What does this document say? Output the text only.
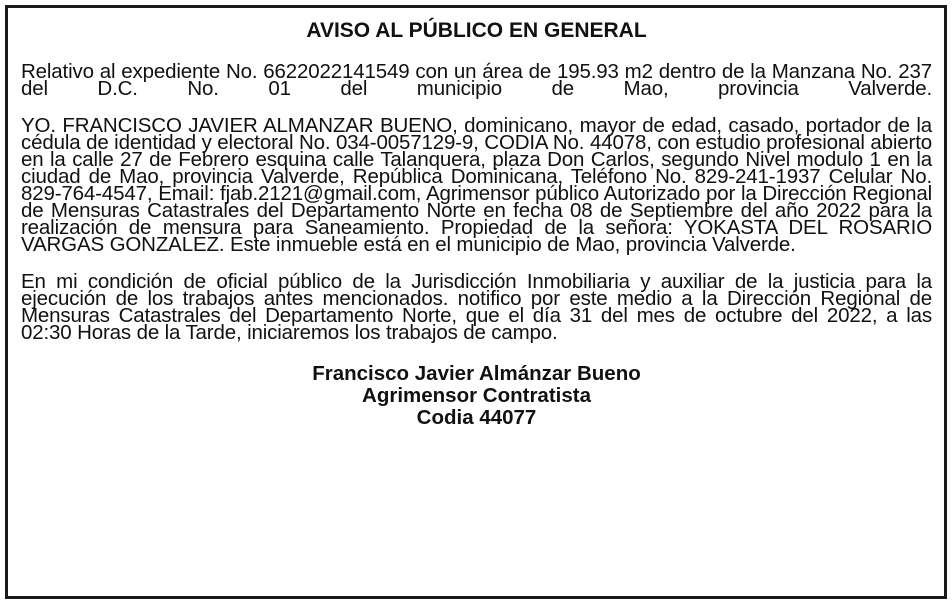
AVISO AL PÚBLICO EN GENERAL

Relativo al expediente No. 6622022141549 con un área de 195.93 m2 dentro de la Manzana No. 237 del D.C. No. 01 del municipio de Mao, provincia Valverde.

YO. FRANCISCO JAVIER ALMANZAR BUENO, dominicano, mayor de edad, casado, portador de la cédula de identidad y electoral No. 034-0057129-9, CODIA No. 44078, con estudio profesional abierto en la calle 27 de Febrero esquina calle Talanquera, plaza Don Carlos, segundo Nivel modulo 1 en la ciudad de Mao, provincia Valverde, República Dominicana, Teléfono No. 829-241-1937 Celular No. 829-764-4547, Email: fjab.2121@gmail.com, Agrimensor público Autorizado por la Dirección Regional de Mensuras Catastrales del Departamento Norte en fecha 08 de Septiembre del año 2022 para la realización de mensura para Saneamiento. Propiedad de la señora: YOKASTA DEL ROSARIO VARGAS GONZALEZ. Este inmueble está en el municipio de Mao, provincia Valverde.

En mi condición de oficial público de la Jurisdicción Inmobiliaria y auxiliar de la justicia para la ejecución de los trabajos antes mencionados. notifico por este medio a la Dirección Regional de Mensuras Catastrales del Departamento Norte, que el día 31 del mes de octubre del 2022, a las 02:30 Horas de la Tarde, iniciaremos los trabajos de campo.

Francisco Javier Almánzar Bueno
Agrimensor Contratista
Codia 44077
